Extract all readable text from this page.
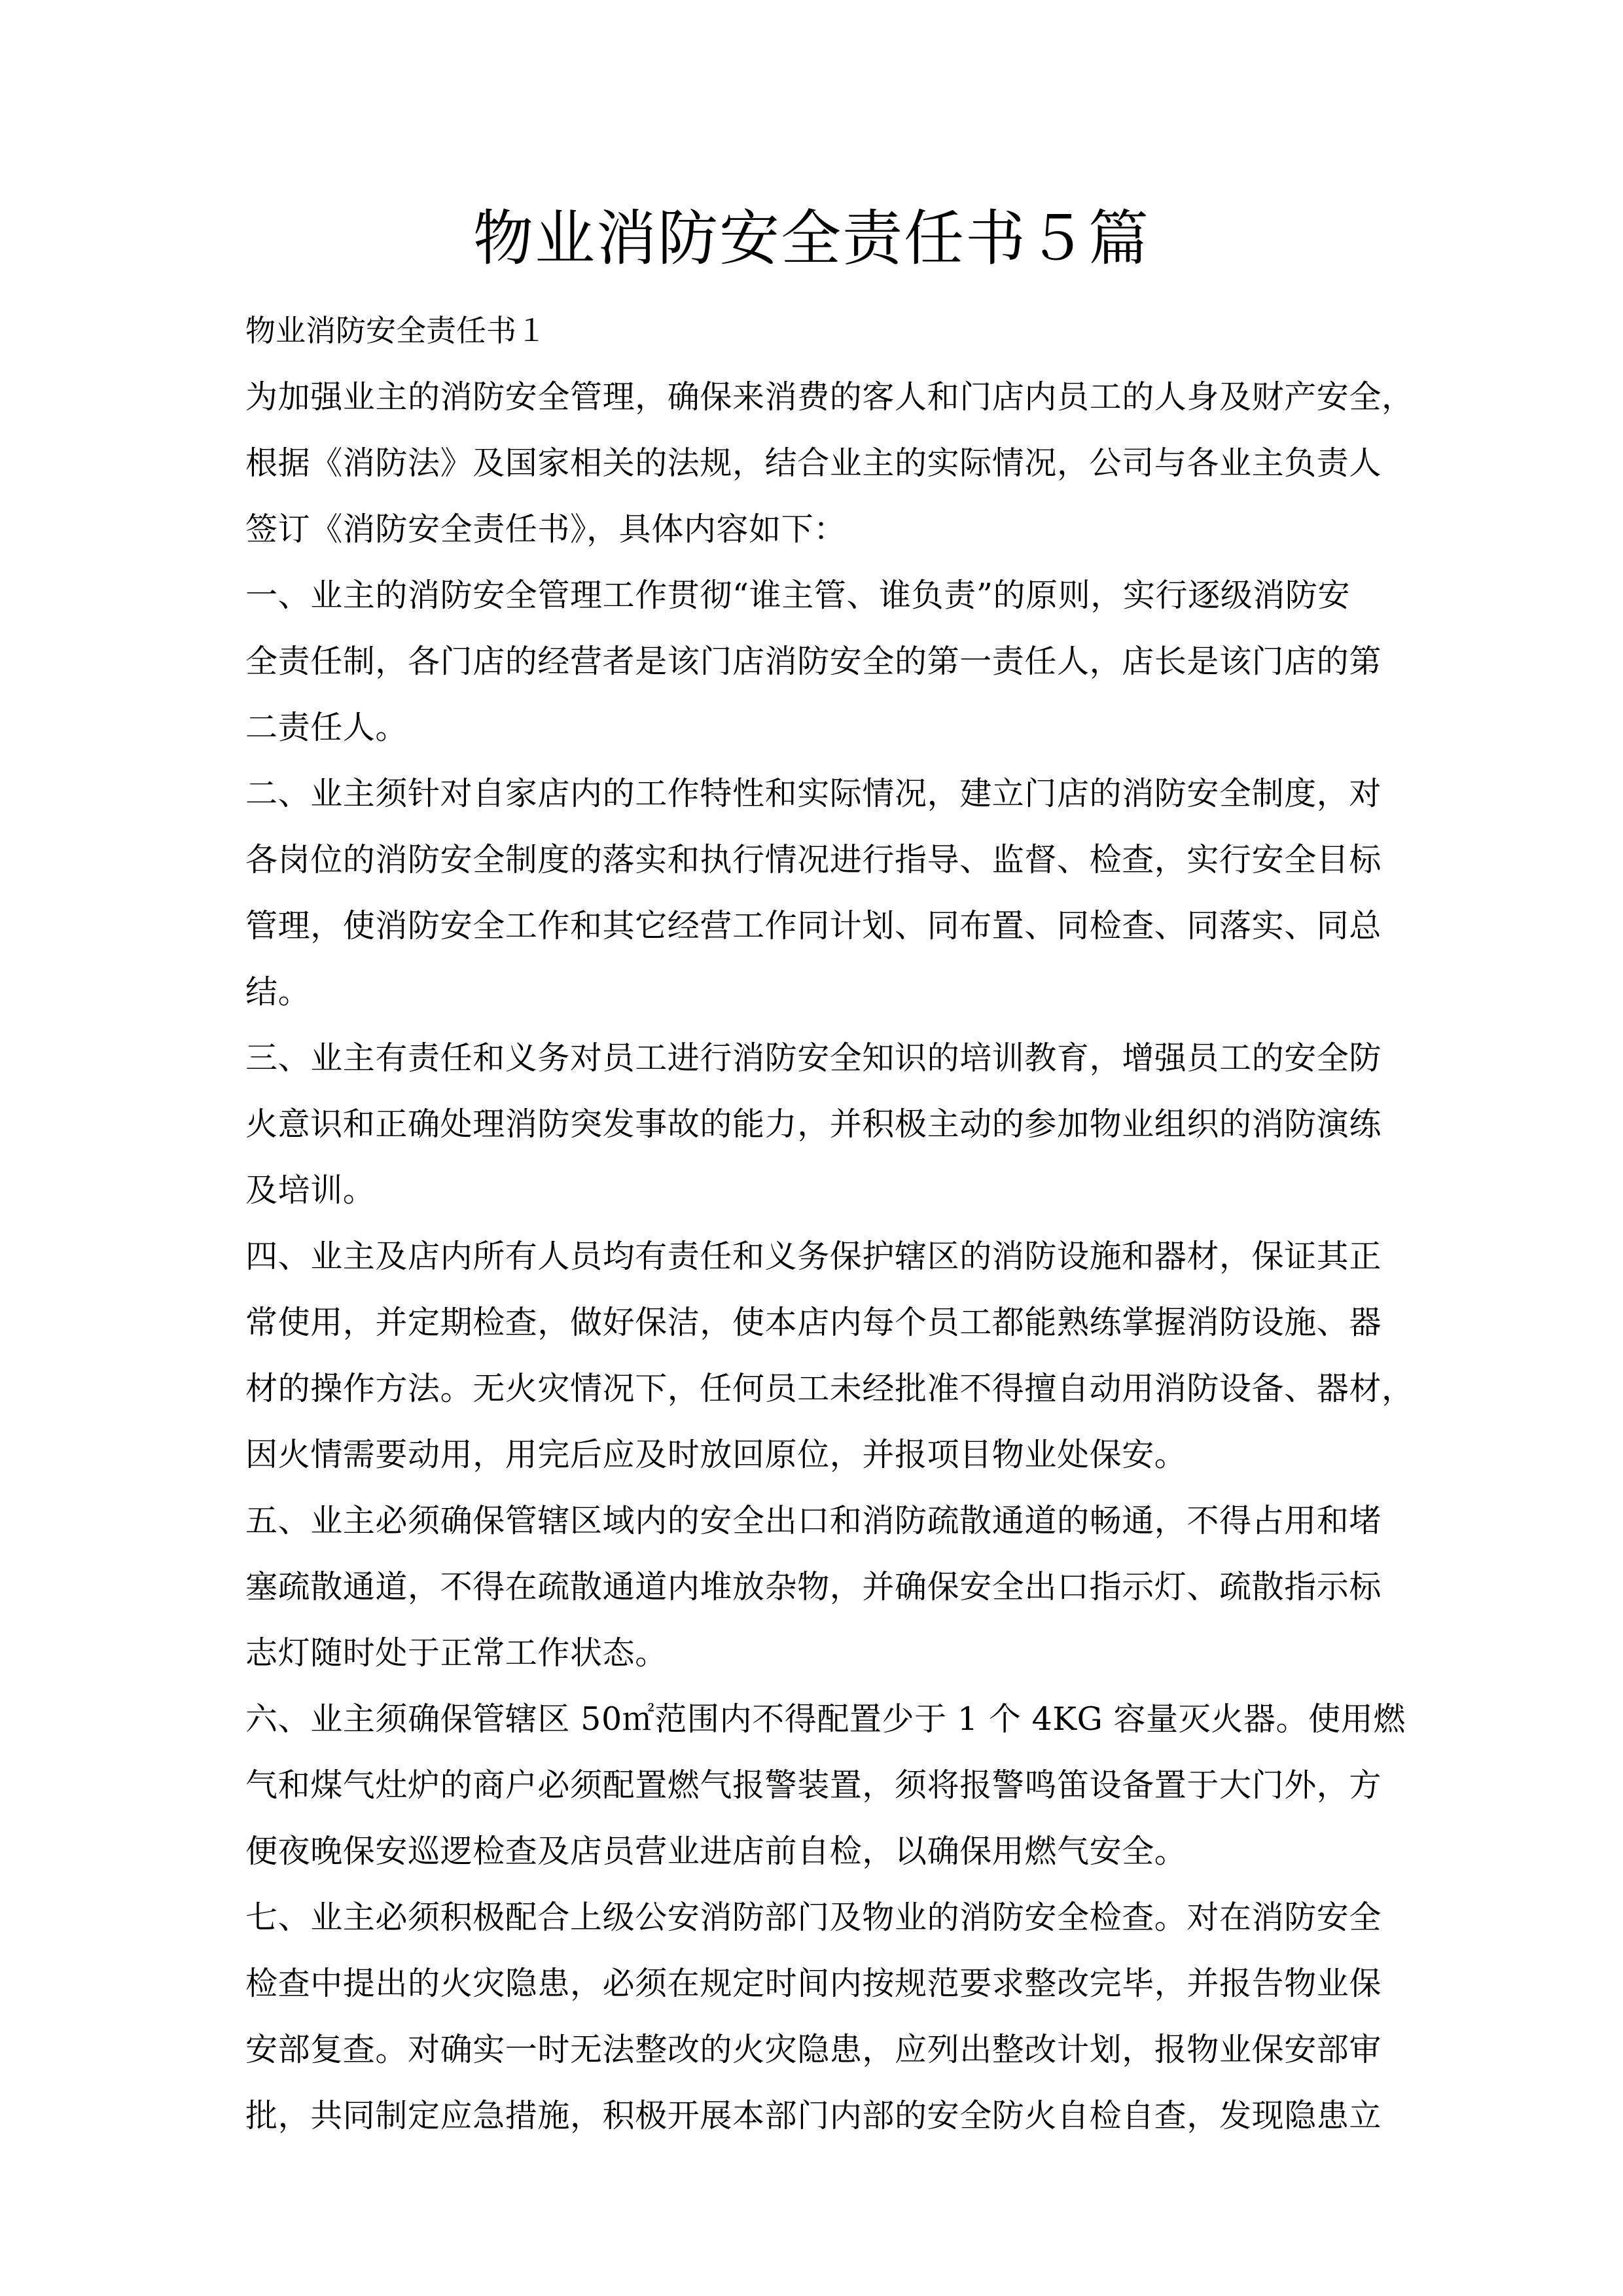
物业消防安全责任书５篇
物业消防安全责任书１
为加强业主的消防安全管理，确保来消费的客人和门店内员工的人身及财产安全，
根据《消防法》及国家相关的法规，结合业主的实际情况，公司与各业主负责人
签订《消防安全责任书》，具体内容如下：
一、业主的消防安全管理工作贯彻“谁主管、谁负责”的原则，实行逐级消防安
全责任制，各门店的经营者是该门店消防安全的第一责任人，店长是该门店的第
二责任人。
二、业主须针对自家店内的工作特性和实际情况，建立门店的消防安全制度，对
各岗位的消防安全制度的落实和执行情况进行指导、监督、检查，实行安全目标
管理，使消防安全工作和其它经营工作同计划、同布置、同检查、同落实、同总
结。
三、业主有责任和义务对员工进行消防安全知识的培训教育，增强员工的安全防
火意识和正确处理消防突发事故的能力，并积极主动的参加物业组织的消防演练
及培训。
四、业主及店内所有人员均有责任和义务保护辖区的消防设施和器材，保证其正
常使用，并定期检查，做好保洁，使本店内每个员工都能熟练掌握消防设施、器
材的操作方法。无火灾情况下，任何员工未经批准不得擅自动用消防设备、器材，
因火情需要动用，用完后应及时放回原位，并报项目物业处保安。
五、业主必须确保管辖区域内的安全出口和消防疏散通道的畅通，不得占用和堵
塞疏散通道，不得在疏散通道内堆放杂物，并确保安全出口指示灯、疏散指示标
志灯随时处于正常工作状态。
六、业主须确保管辖区 50㎡范围内不得配置少于 1 个 4KG 容量灭火器。使用燃
气和煤气灶炉的商户必须配置燃气报警装置，须将报警鸣笛设备置于大门外，方
便夜晚保安巡逻检查及店员营业进店前自检，以确保用燃气安全。
七、业主必须积极配合上级公安消防部门及物业的消防安全检查。对在消防安全
检查中提出的火灾隐患，必须在规定时间内按规范要求整改完毕，并报告物业保
安部复查。对确实一时无法整改的火灾隐患，应列出整改计划，报物业保安部审
批，共同制定应急措施，积极开展本部门内部的安全防火自检自查，发现隐患立
